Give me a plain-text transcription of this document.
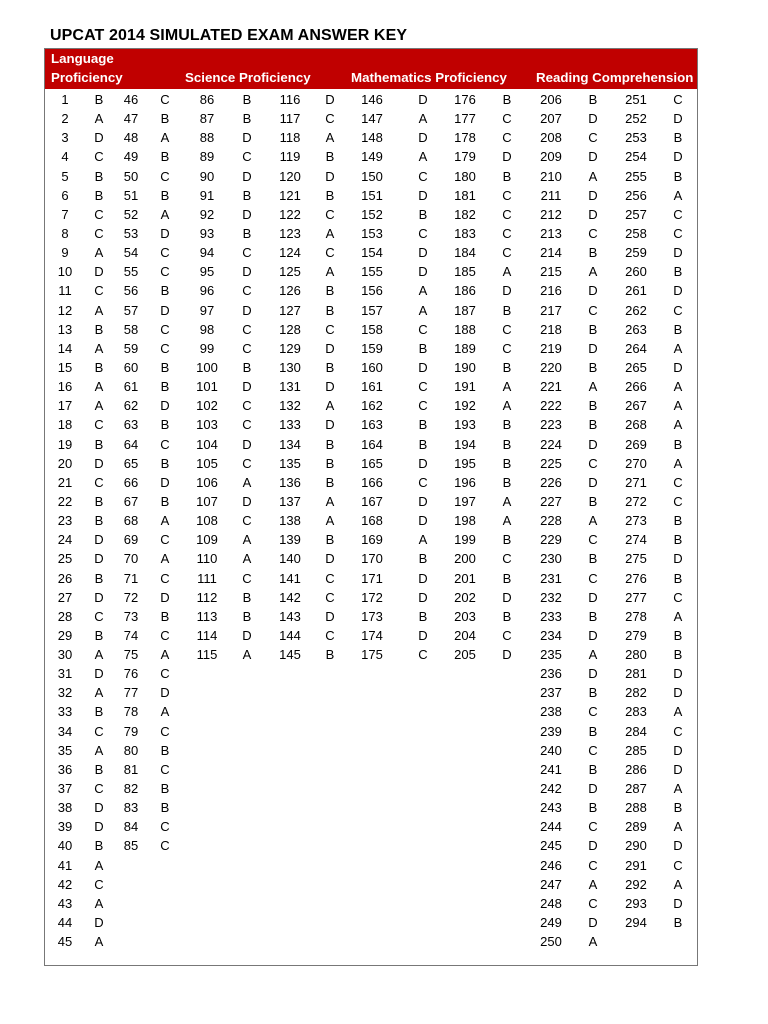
UPCAT 2014 SIMULATED EXAM ANSWER KEY
Language
Proficiency	Science Proficiency	Mathematics Proficiency Reading Comprehension
1	B	46	C	86	B	116	D	146	D	176	B	206	B	251	C
2	A	47	B	87	B	117	C	147	A	177	C	207	D	252	D
3	D	48	A	88	D	118	A	148	D	178	C	208	C	253	B
4	C	49	B	89	C	119	B	149	A	179	D	209	D	254	D
5	B	50	C	90	D	120	D	150	C	180	B	210	A	255	B
6	B	51	B	91	B	121	B	151	D	181	C	211	D	256	A
7	C	52	A	92	D	122	C	152	B	182	C	212	D	257	C
8	C	53	D	93	B	123	A	153	C	183	C	213	C	258	C
9	A	54	C	94	C	124	C	154	D	184	C	214	B	259	D
10	D	55	C	95	D	125	A	155	D	185	A	215	A	260	B
11	C	56	B	96	C	126	B	156	A	186	D	216	D	261	D
12	A	57	D	97	D	127	B	157	A	187	B	217	C	262	C
13	B	58	C	98	C	128	C	158	C	188	C	218	B	263	B
14	A	59	C	99	C	129	D	159	B	189	C	219	D	264	A
15	B	60	B	100	B	130	B	160	D	190	B	220	B	265	D
16	A	61	B	101	D	131	D	161	C	191	A	221	A	266	A
17	A	62	D	102	C	132	A	162	C	192	A	222	B	267	A
18	C	63	B	103	C	133	D	163	B	193	B	223	B	268	A
19	B	64	C	104	D	134	B	164	B	194	B	224	D	269	B
20	D	65	B	105	C	135	B	165	D	195	B	225	C	270	A
21	C	66	D	106	A	136	B	166	C	196	B	226	D	271	C
22	B	67	B	107	D	137	A	167	D	197	A	227	B	272	C
23	B	68	A	108	C	138	A	168	D	198	A	228	A	273	B
24	D	69	C	109	A	139	B	169	A	199	B	229	C	274	B
25	D	70	A	110	A	140	D	170	B	200	C	230	B	275	D
26	B	71	C	111	C	141	C	171	D	201	B	231	C	276	B
27	D	72	D	112	B	142	C	172	D	202	D	232	D	277	C
28	C	73	B	113	B	143	D	173	B	203	B	233	B	278	A
29	B	74	C	114	D	144	C	174	D	204	C	234	D	279	B
30	A	75	A	115	A	145	B	175	C	205	D	235	A	280	B
31	D	76	C	236	D	281	D
32	A	77	D	237	B	282	D
33	B	78	A	238	C	283	A
34	C	79	C	239	B	284	C
35	A	80	B	240	C	285	D
36	B	81	C	241	B	286	D
37	C	82	B	242	D	287	A
38	D	83	B	243	B	288	B
39	D	84	C	244	C	289	A
40	B	85	C	245	D	290	D
41	A	246	C	291	C
42	C	247	A	292	A
43	A	248	C	293	D
44	D	249	D	294	B
45	A	250	A
